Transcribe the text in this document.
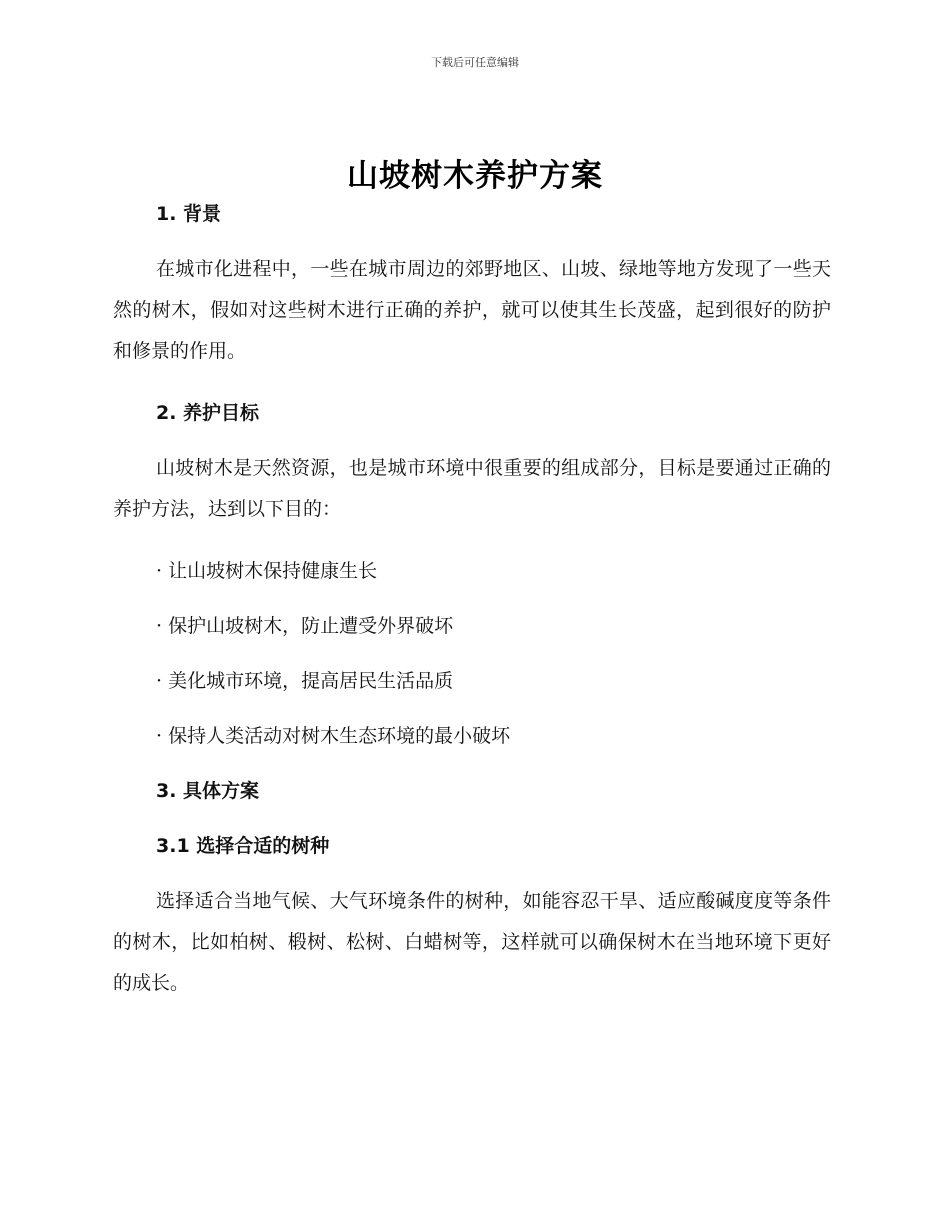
下载后可任意编辑
山坡树木养护方案
1. 背景

在城市化进程中，一些在城市周边的郊野地区、山坡、绿地等地方发现了一些天然的树木，假如对这些树木进行正确的养护，就可以使其生长茂盛，起到很好的防护和修景的作用。

2. 养护目标

山坡树木是天然资源，也是城市环境中很重要的组成部分，目标是要通过正确的养护方法，达到以下目的：

· 让山坡树木保持健康生长
· 保护山坡树木，防止遭受外界破坏
· 美化城市环境，提高居民生活品质
· 保持人类活动对树木生态环境的最小破坏
3. 具体方案
3.1 选择合适的树种

选择适合当地气候、大气环境条件的树种，如能容忍干旱、适应酸碱度度等条件的树木，比如柏树、椴树、松树、白蜡树等，这样就可以确保树木在当地环境下更好的成长。
